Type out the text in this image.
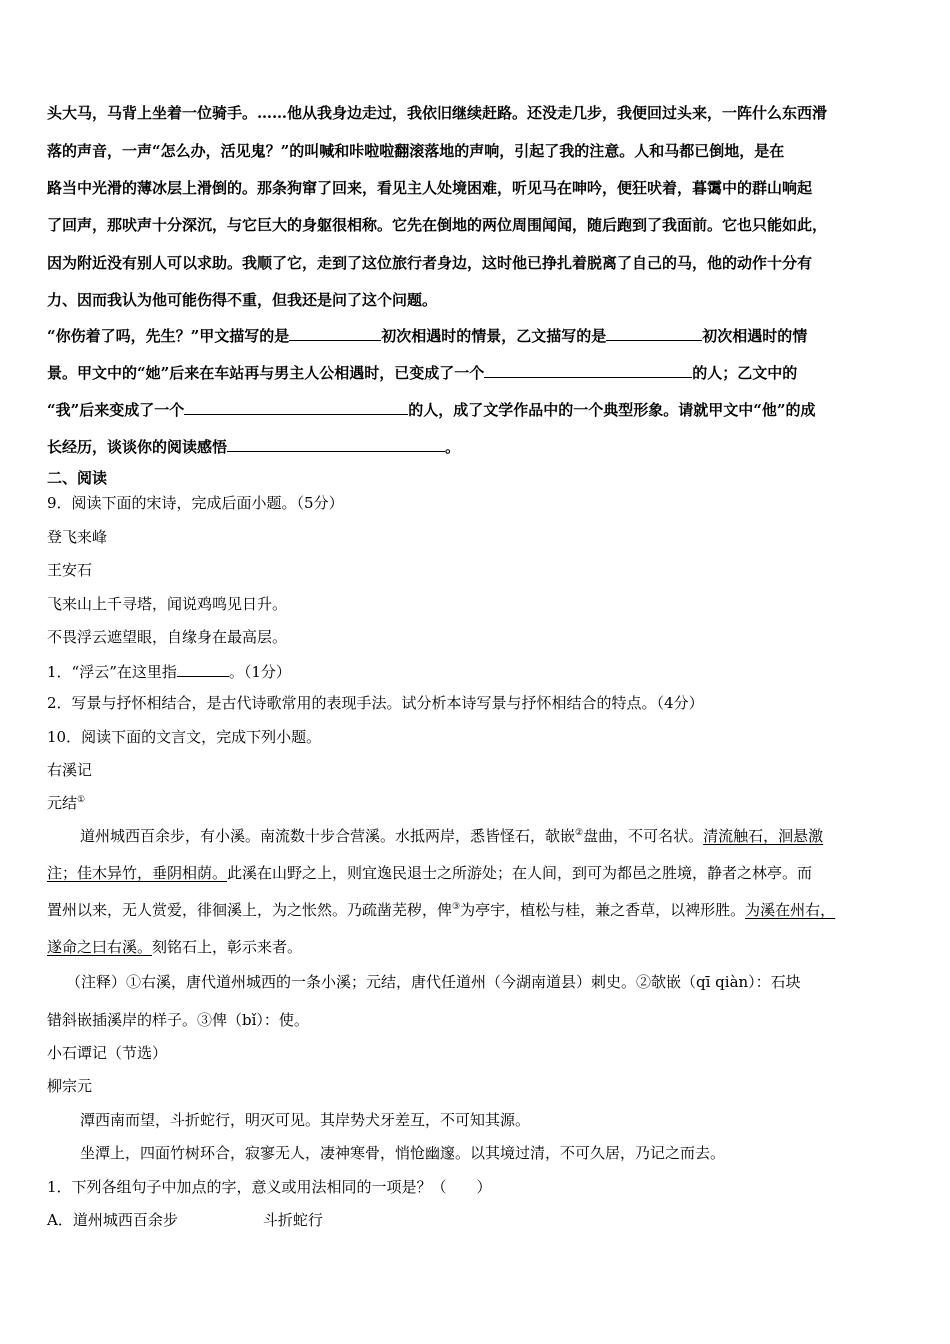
头大马，马背上坐着一位骑手。……他从我身边走过，我依旧继续赶路。还没走几步，我便回过头来，一阵什么东西滑
落的声音，一声“怎么办，活见鬼？”的叫喊和咔啦啦翻滚落地的声响，引起了我的注意。人和马都已倒地，是在
路当中光滑的薄冰层上滑倒的。那条狗窜了回来，看见主人处境困难，听见马在呻吟，便狂吠着，暮霭中的群山响起
了回声，那吠声十分深沉，与它巨大的身躯很相称。它先在倒地的两位周围闻闻，随后跑到了我面前。它也只能如此，
因为附近没有别人可以求助。我顺了它，走到了这位旅行者身边，这时他已挣扎着脱离了自己的马，他的动作十分有
力、因而我认为他可能伤得不重，但我还是问了这个问题。
“你伤着了吗，先生？”甲文描写的是	初次相遇时的情景，乙文描写的是	初次相遇时的情
景。甲文中的“她”后来在车站再与男主人公相遇时，已变成了一个	的人；乙文中的
“我”后来变成了一个	的人，成了文学作品中的一个典型形象。请就甲文中“他”的成
长经历，谈谈你的阅读感悟	。
二、阅读
9．阅读下面的宋诗，完成后面小题。（5分）
登飞来峰
王安石
飞来山上千寻塔，闻说鸡鸣见日升。
不畏浮云遮望眼，自缘身在最高层。
1．“浮云”在这里指	。（1分）
2．写景与抒怀相结合，是古代诗歌常用的表现手法。试分析本诗写景与抒怀相结合的特点。（4分）
10．阅读下面的文言文，完成下列小题。
右溪记
元结①
道州城西百余步，有小溪。南流数十步合营溪。水抵两岸，悉皆怪石，欹嵌②盘曲，不可名状。清流触石，洄悬激
注；佳木异竹，垂阴相荫。此溪在山野之上，则宜逸民退士之所游处；在人间，到可为都邑之胜境，静者之林亭。而
置州以来，无人赏爱，徘徊溪上，为之怅然。乃疏凿芜秽，俾③为亭宇，植松与桂，兼之香草，以裨形胜。为溪在州右，
遂命之曰右溪。刻铭石上，彰示来者。
（注释）①右溪，唐代道州城西的一条小溪；元结，唐代任道州（今湖南道县）刺史。②欹嵌（qī qiàn）：石块
错斜嵌插溪岸的样子。③俾（bǐ）：使。
小石谭记（节选）
柳宗元
潭西南而望，斗折蛇行，明灭可见。其岸势犬牙差互，不可知其源。
坐潭上，四面竹树环合，寂寥无人，凄神寒骨，悄怆幽邃。以其境过清，不可久居，乃记之而去。
1．下列各组句子中加点的字，意义或用法相同的一项是？（　　）
A．道州城西百余步	斗折蛇行
